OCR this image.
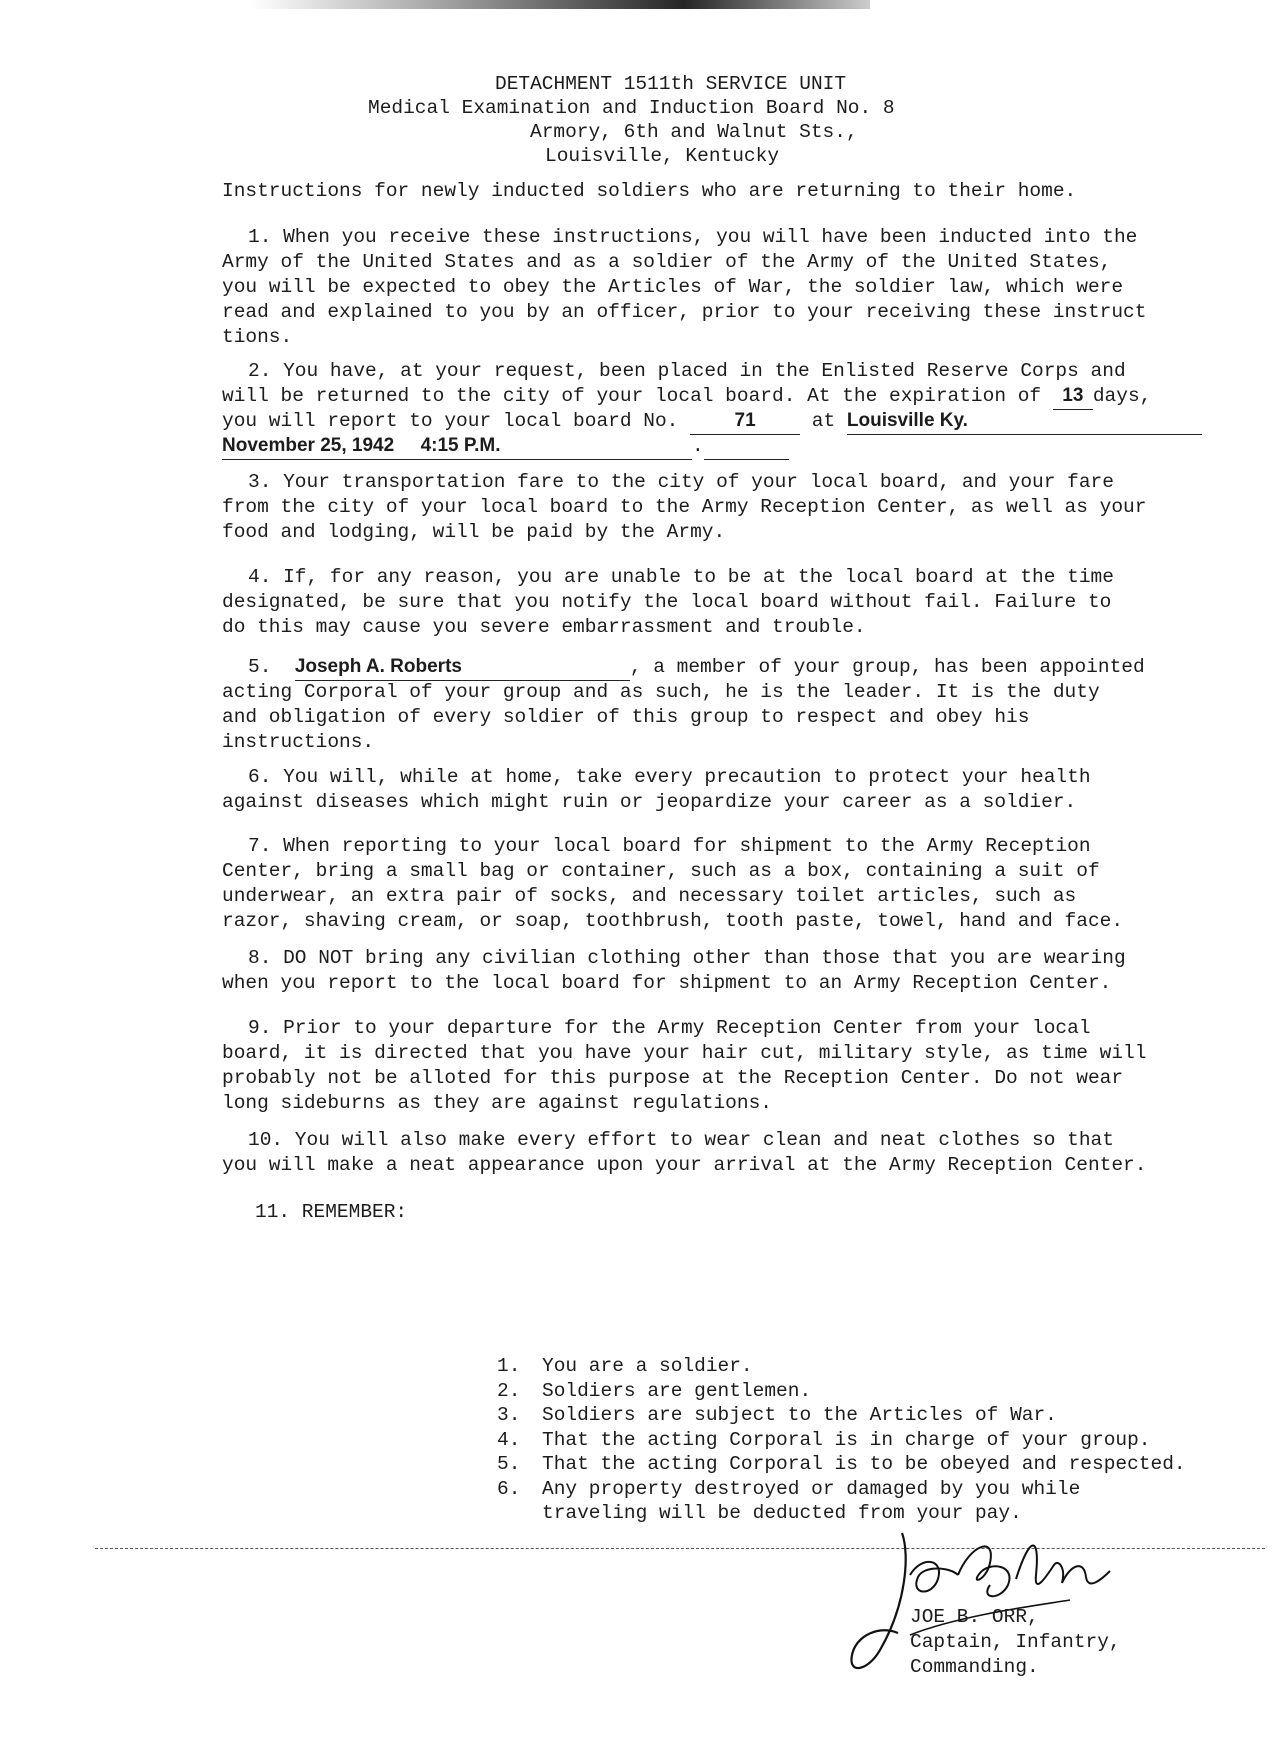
DETACHMENT 1511th SERVICE UNIT
Medical Examination and Induction Board No. 8
Armory, 6th and Walnut Sts.,
Louisville, Kentucky
Instructions for newly inducted soldiers who are returning to their home.
1. When you receive these instructions, you will have been inducted into the
Army of the United States and as a soldier of the Army of the United States,
you will be expected to obey the Articles of War, the soldier law, which were
read and explained to you by an officer, prior to your receiving these instruct
tions.
2. You have, at your request, been placed in the Enlisted Reserve Corps and
will be returned to the city of your local board. At the expiration of 13 days,
you will report to your local board No.	71	at Louisville Ky.
November 25, 1942 4:15 P.M.	.
3. Your transportation fare to the city of your local board, and your fare
from the city of your local board to the Army Reception Center, as well as your
food and lodging, will be paid by the Army.
4. If, for any reason, you are unable to be at the local board at the time
designated, be sure that you notify the local board without fail. Failure to
do this may cause you severe embarrassment and trouble.
5. Joseph A. Roberts	, a member of your group, has been appointed
acting Corporal of your group and as such, he is the leader. It is the duty
and obligation of every soldier of this group to respect and obey his
instructions.
6. You will, while at home, take every precaution to protect your health
against diseases which might ruin or jeopardize your career as a soldier.
7. When reporting to your local board for shipment to the Army Reception
Center, bring a small bag or container, such as a box, containing a suit of
underwear, an extra pair of socks, and necessary toilet articles, such as
razor, shaving cream, or soap, toothbrush, tooth paste, towel, hand and face.
8. DO NOT bring any civilian clothing other than those that you are wearing
when you report to the local board for shipment to an Army Reception Center.
9. Prior to your departure for the Army Reception Center from your local
board, it is directed that you have your hair cut, military style, as time will
probably not be alloted for this purpose at the Reception Center. Do not wear
long sideburns as they are against regulations.
10. You will also make every effort to wear clean and neat clothes so that
you will make a neat appearance upon your arrival at the Army Reception Center.
11. REMEMBER:
1.	You are a soldier.
2.	Soldiers are gentlemen.
3.	Soldiers are subject to the Articles of War.
4.	That the acting Corporal is in charge of your group.
5.	That the acting Corporal is to be obeyed and respected.
6.	Any property destroyed or damaged by you while
traveling will be deducted from your pay.
JOE B. ORR,
Captain, Infantry,
Commanding.
